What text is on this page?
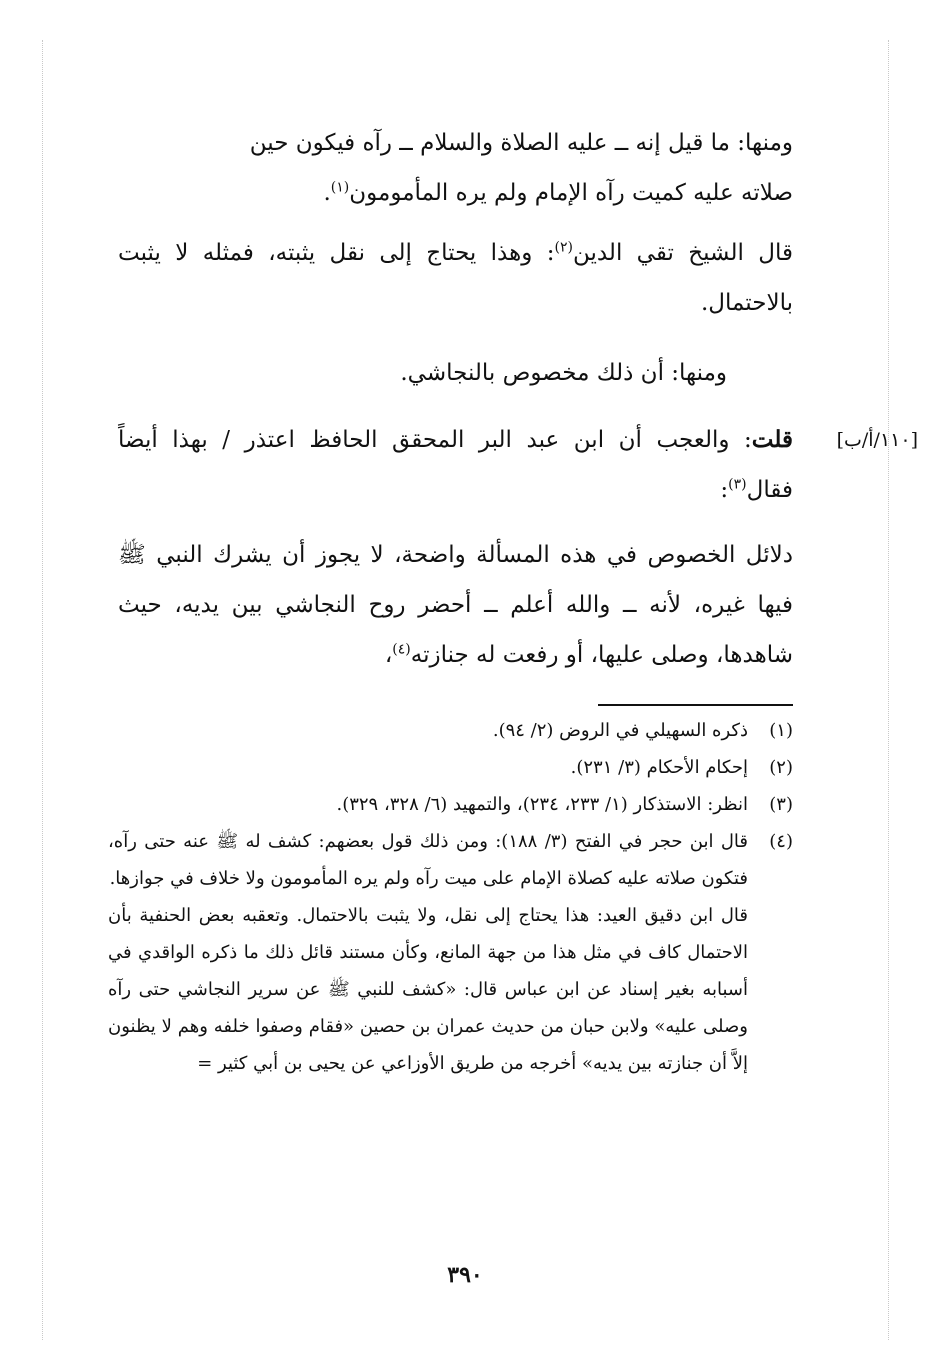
ومنها: ما قيل إنه ــ عليه الصلاة والسلام ــ رآه فيكون حين

صلاته عليه كميت رآه الإمام ولم يره المأمومون$^{(١)}$.

قال الشيخ تقي الدين$^{(٢)}$: وهذا يحتاج إلى نقل يثبته، فمثله لا يثبت بالاحتمال.

ومنها: أن ذلك مخصوص بالنجاشي.

[١١٠/أ/ب]

قلت: والعجب أن ابن عبد البر المحقق الحافظ اعتذر / بهذا أيضاً فقال$^{(٣)}$:

دلائل الخصوص في هذه المسألة واضحة، لا يجوز أن يشرك النبي ﷺ فيها غيره، لأنه ــ والله أعلم ــ أحضر روح النجاشي بين يديه، حيث شاهدها، وصلى عليها، أو رفعت له جنازته$^{(٤)}$،

(١)
ذكره السهيلي في الروض (٢/ ٩٤).
(٢)
إحكام الأحكام (٣/ ٢٣١).
(٣)
انظر: الاستذكار (١/ ٢٣٣، ٢٣٤)، والتمهيد (٦/ ٣٢٨، ٣٢٩).
(٤)
قال ابن حجر في الفتح (٣/ ١٨٨): ومن ذلك قول بعضهم: كشف له ﷺ عنه حتى رآه، فتكون صلاته عليه كصلاة الإمام على ميت رآه ولم يره المأمومون ولا خلاف في جوازها.
قال ابن دقيق العيد: هذا يحتاج إلى نقل، ولا يثبت بالاحتمال. وتعقبه بعض الحنفية بأن الاحتمال كاف في مثل هذا من جهة المانع، وكأن مستند قائل ذلك ما ذكره الواقدي في أسبابه بغير إسناد عن ابن عباس قال: «كشف للنبي ﷺ عن سرير النجاشي حتى رآه وصلى عليه» ولابن حبان من حديث عمران بن حصين «فقام وصفوا خلفه وهم لا يظنون إلاَّ أن جنازته بين يديه» أخرجه من طريق الأوزاعي عن يحيى بن أبي كثير =
٣٩٠
